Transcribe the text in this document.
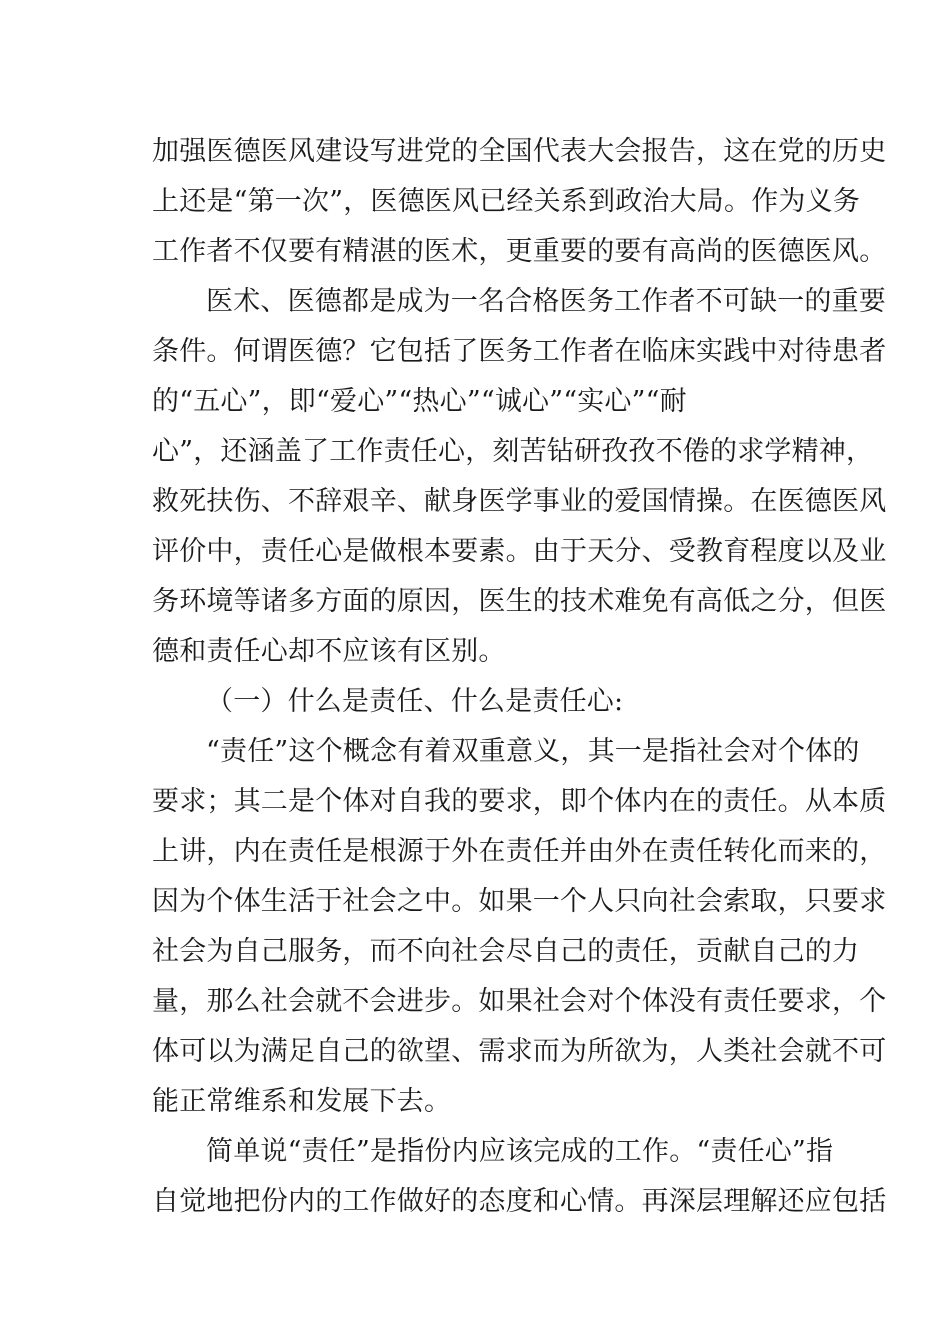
加强医德医风建设写进党的全国代表大会报告，这在党的历史
上还是“第一次”，医德医风已经关系到政治大局。作为义务
工作者不仅要有精湛的医术，更重要的要有高尚的医德医风。
医术、医德都是成为一名合格医务工作者不可缺一的重要
条件。何谓医德？它包括了医务工作者在临床实践中对待患者
的“五心”，即“爱心”“热心”“诚心”“实心”“耐
心”，还涵盖了工作责任心，刻苦钻研孜孜不倦的求学精神，
救死扶伤、不辞艰辛、献身医学事业的爱国情操。在医德医风
评价中，责任心是做根本要素。由于天分、受教育程度以及业
务环境等诸多方面的原因，医生的技术难免有高低之分，但医
德和责任心却不应该有区别。
（一）什么是责任、什么是责任心:
“责任”这个概念有着双重意义，其一是指社会对个体的
要求；其二是个体对自我的要求，即个体内在的责任。从本质
上讲，内在责任是根源于外在责任并由外在责任转化而来的，
因为个体生活于社会之中。如果一个人只向社会索取，只要求
社会为自己服务，而不向社会尽自己的责任，贡献自己的力
量，那么社会就不会进步。如果社会对个体没有责任要求，个
体可以为满足自己的欲望、需求而为所欲为，人类社会就不可
能正常维系和发展下去。
简单说“责任”是指份内应该完成的工作。“责任心”指
自觉地把份内的工作做好的态度和心情。再深层理解还应包括
